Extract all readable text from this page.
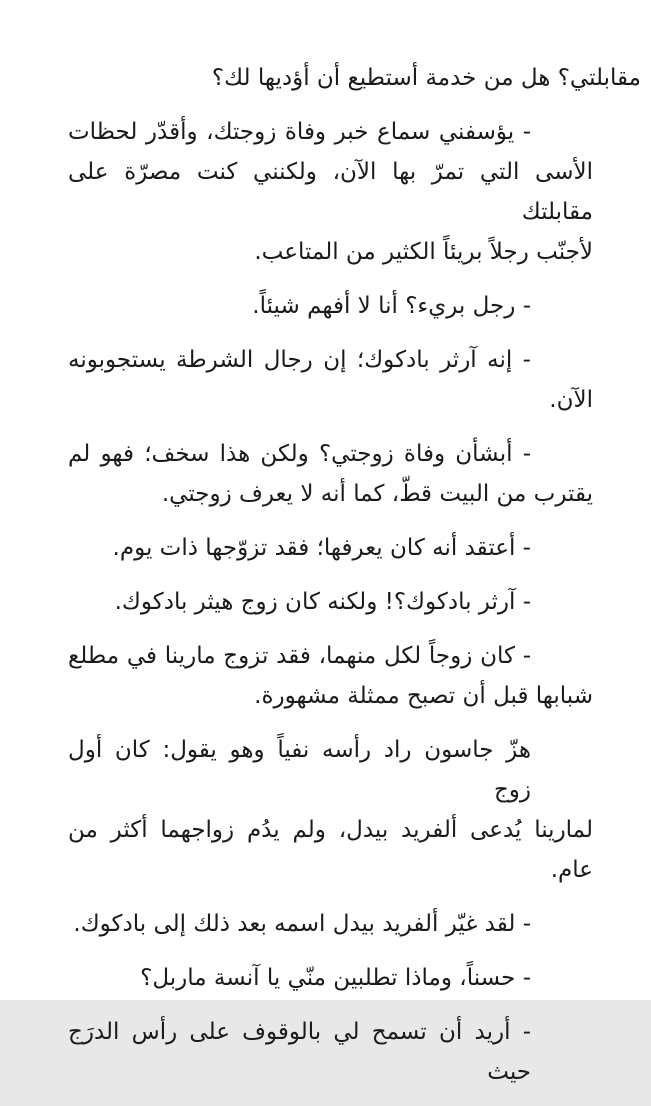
مقابلتي؟ هل من خدمة أستطيع أن أؤديها لك؟

- يؤسفني سماع خبر وفاة زوجتك، وأقدّر لحظات
الأسى التي تمرّ بها الآن، ولكنني كنت مصرّة على مقابلتك
لأجنّب رجلاً بريئاً الكثير من المتاعب.

- رجل بريء؟ أنا لا أفهم شيئاً.

- إنه آرثر بادكوك؛ إن رجال الشرطة يستجوبونه
الآن.

- أبشأن وفاة زوجتي؟ ولكن هذا سخف؛ فهو لم
يقترب من البيت قطّ، كما أنه لا يعرف زوجتي.

- أعتقد أنه كان يعرفها؛ فقد تزوّجها ذات يوم.

- آرثر بادكوك؟! ولكنه كان زوج هيثر بادكوك.

- كان زوجاً لكل منهما، فقد تزوج مارينا في مطلع
شبابها قبل أن تصبح ممثلة مشهورة.

هزّ جاسون راد رأسه نفياً وهو يقول: كان أول زوج
لمارينا يُدعى ألفريد بيدل، ولم يدُم زواجهما أكثر من
عام.

- لقد غيّر ألفريد بيدل اسمه بعد ذلك إلى بادكوك.

- حسناً، وماذا تطلبين منّي يا آنسة ماربل؟

- أريد أن تسمح لي بالوقوف على رأس الدرَج حيث
